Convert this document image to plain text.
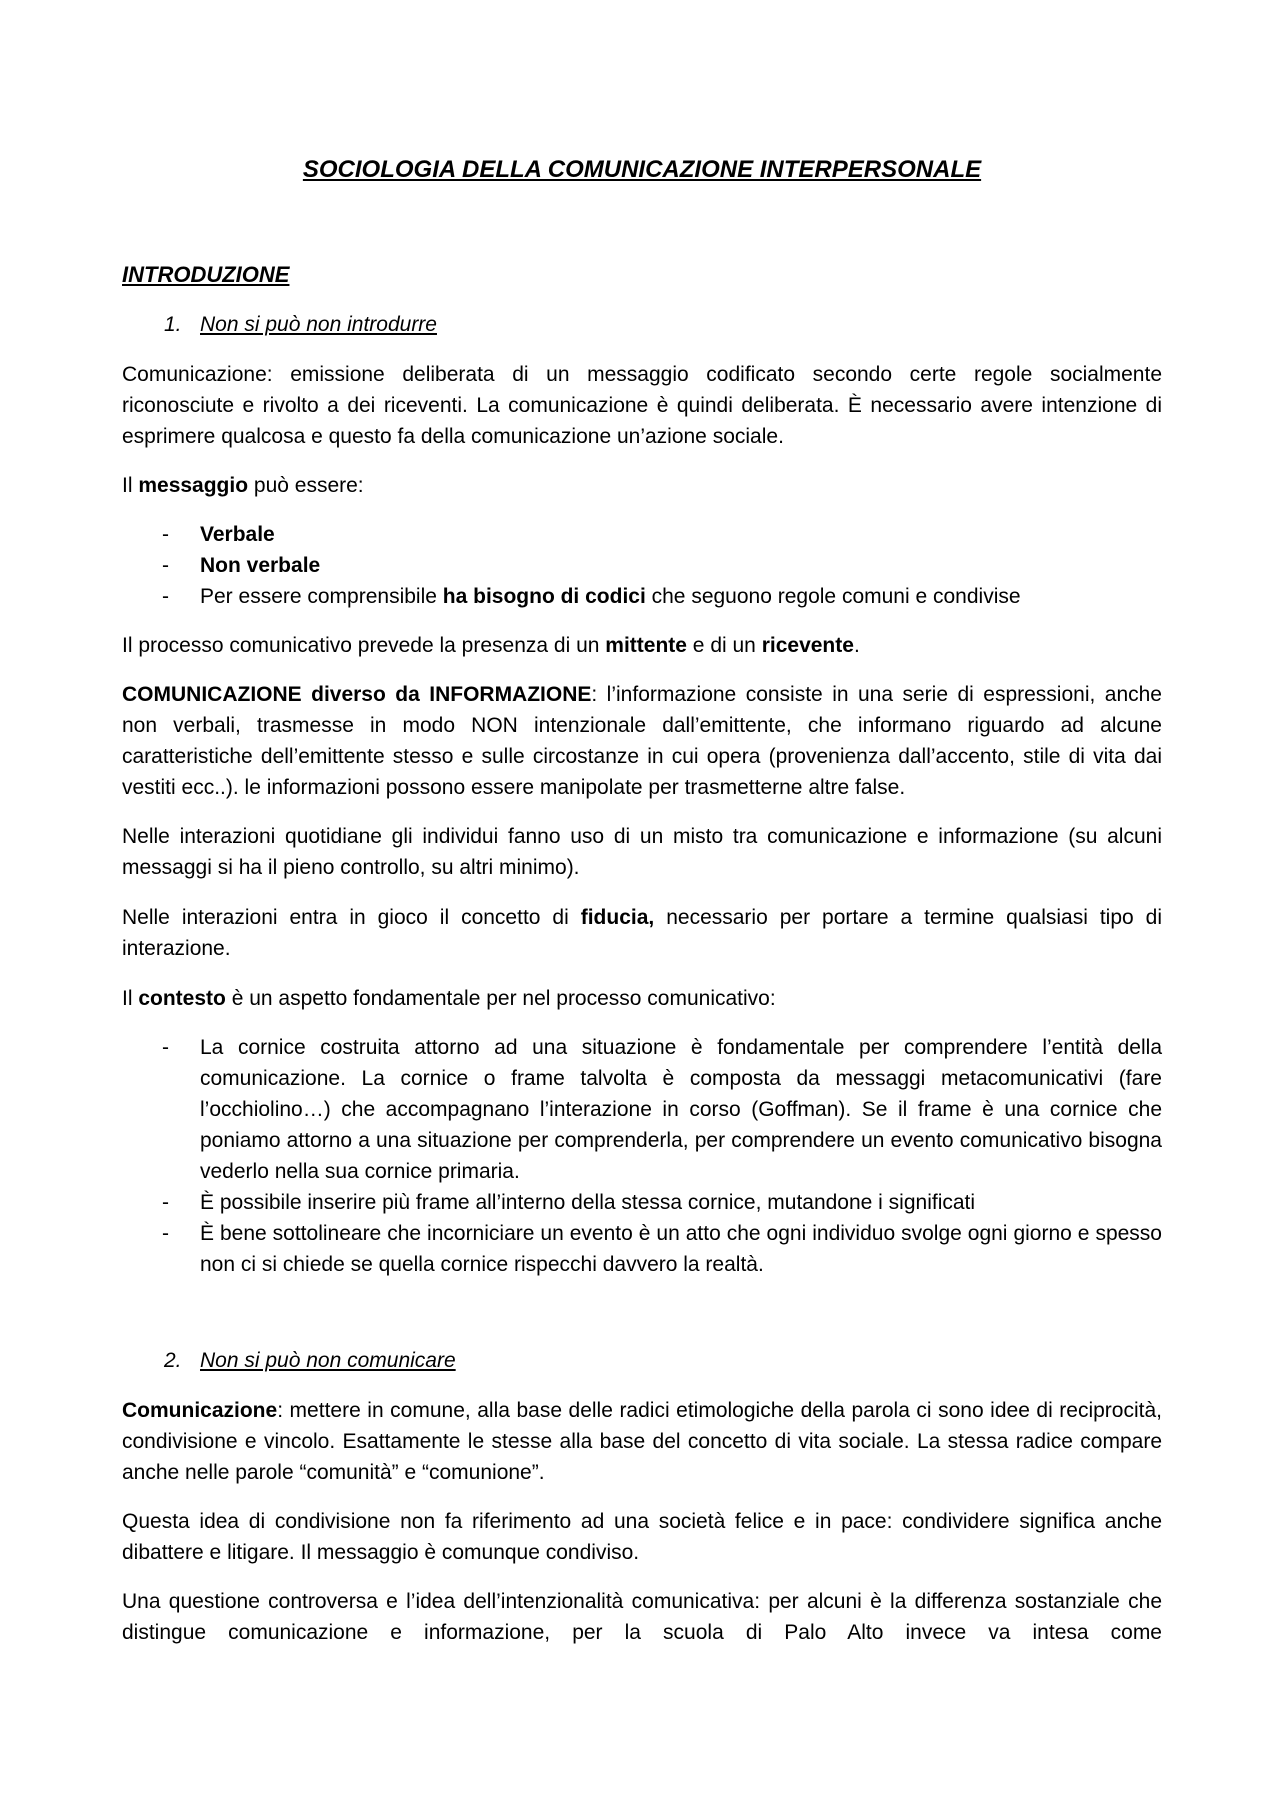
SOCIOLOGIA DELLA COMUNICAZIONE INTERPERSONALE
INTRODUZIONE
1. Non si può non introdurre

Comunicazione: emissione deliberata di un messaggio codificato secondo certe regole socialmente riconosciute e rivolto a dei riceventi. La comunicazione è quindi deliberata. È necessario avere intenzione di esprimere qualcosa e questo fa della comunicazione un’azione sociale.

Il messaggio può essere:

- Verbale
- Non verbale
- Per essere comprensibile ha bisogno di codici che seguono regole comuni e condivise

Il processo comunicativo prevede la presenza di un mittente e di un ricevente.

COMUNICAZIONE diverso da INFORMAZIONE: l’informazione consiste in una serie di espressioni, anche non verbali, trasmesse in modo NON intenzionale dall’emittente, che informano riguardo ad alcune caratteristiche dell’emittente stesso e sulle circostanze in cui opera (provenienza dall’accento, stile di vita dai vestiti ecc..). le informazioni possono essere manipolate per trasmetterne altre false.

Nelle interazioni quotidiane gli individui fanno uso di un misto tra comunicazione e informazione (su alcuni messaggi si ha il pieno controllo, su altri minimo).

Nelle interazioni entra in gioco il concetto di fiducia, necessario per portare a termine qualsiasi tipo di interazione.

Il contesto è un aspetto fondamentale per nel processo comunicativo:

- La cornice costruita attorno ad una situazione è fondamentale per comprendere l’entità della comunicazione. La cornice o frame talvolta è composta da messaggi metacomunicativi (fare l’occhiolino…) che accompagnano l’interazione in corso (Goffman). Se il frame è una cornice che poniamo attorno a una situazione per comprenderla, per comprendere un evento comunicativo bisogna vederlo nella sua cornice primaria.
- È possibile inserire più frame all’interno della stessa cornice, mutandone i significati
- È bene sottolineare che incorniciare un evento è un atto che ogni individuo svolge ogni giorno e spesso non ci si chiede se quella cornice rispecchi davvero la realtà.
2. Non si può non comunicare

Comunicazione: mettere in comune, alla base delle radici etimologiche della parola ci sono idee di reciprocità, condivisione e vincolo. Esattamente le stesse alla base del concetto di vita sociale. La stessa radice compare anche nelle parole “comunità” e “comunione”.

Questa idea di condivisione non fa riferimento ad una società felice e in pace: condividere significa anche dibattere e litigare. Il messaggio è comunque condiviso.

Una questione controversa e l’idea dell’intenzionalità comunicativa: per alcuni è la differenza sostanziale che distingue comunicazione e informazione, per la scuola di Palo Alto invece va intesa come
